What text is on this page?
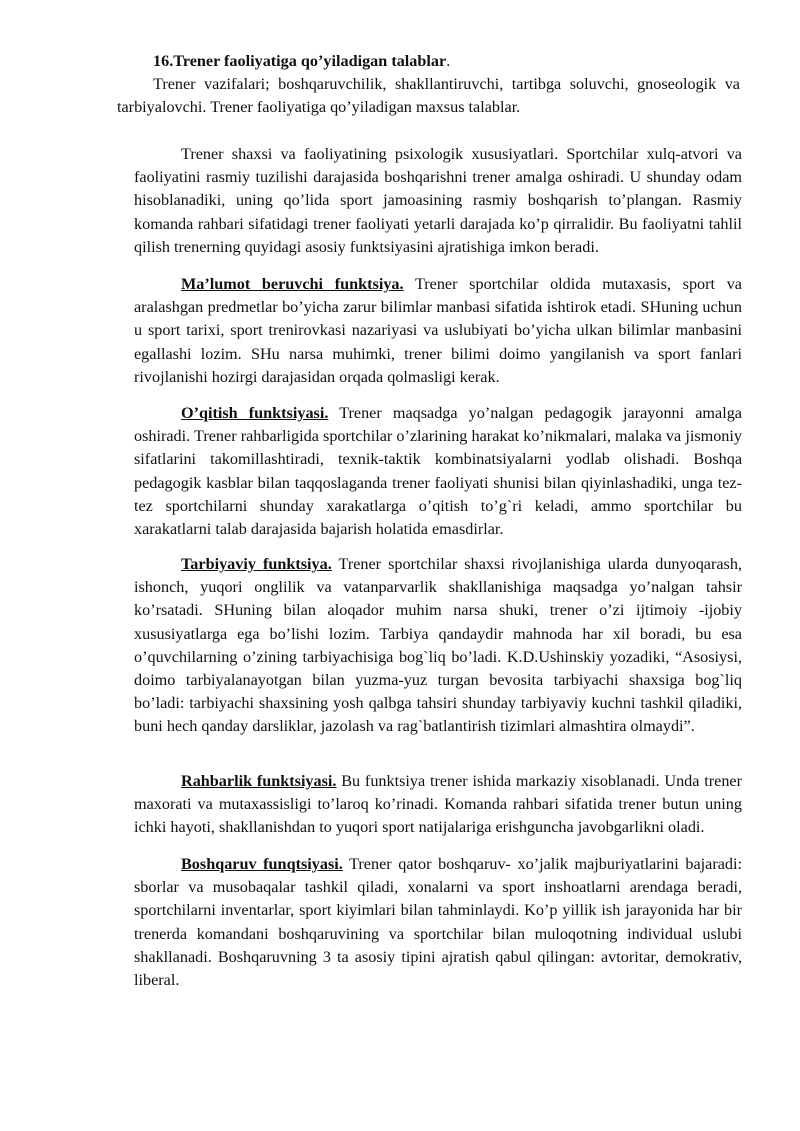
16.Trener faoliyatiga qo’yiladigan talablar.
Trener vazifalari; boshqaruvchilik, shakllantiruvchi, tartibga soluvchi, gnoseologik va tarbiyalovchi. Trener faoliyatiga qo’yiladigan maxsus talablar.
Trener shaxsi va faoliyatining psixologik xususiyatlari. Sportchilar xulq-atvori va faoliyatini rasmiy tuzilishi darajasida boshqarishni trener amalga oshiradi. U shunday odam hisoblanadiki, uning qo’lida sport jamoasining rasmiy boshqarish to’plangan. Rasmiy komanda rahbari sifatidagi trener faoliyati yetarli darajada ko’p qirralidir. Bu faoliyatni tahlil qilish trenerning quyidagi asosiy funktsiyasini ajratishiga imkon beradi.
Ma’lumot beruvchi funktsiya. Trener sportchilar oldida mutaxasis, sport va aralashgan predmetlar bo’yicha zarur bilimlar manbasi sifatida ishtirok etadi. SHuning uchun u sport tarixi, sport trenirovkasi nazariyasi va uslubiyati bo’yicha ulkan bilimlar manbasini egallashi lozim. SHu narsa muhimki, trener bilimi doimo yangilanish va sport fanlari rivojlanishi hozirgi darajasidan orqada qolmasligi kerak.
O’qitish funktsiyasi. Trener maqsadga yo’nalgan pedagogik jarayonni amalga oshiradi. Trener rahbarligida sportchilar o’zlarining harakat ko’nikmalari, malaka va jismoniy sifatlarini takomillashtiradi, texnik-taktik kombinatsiyalarni yodlab olishadi. Boshqa pedagogik kasblar bilan taqqoslaganda trener faoliyati shunisi bilan qiyinlashadiki, unga tez-tez sportchilarni shunday xarakatlarga o’qitish to’g`ri keladi, ammo sportchilar bu xarakatlarni talab darajasida bajarish holatida emasdirlar.
Tarbiyaviy funktsiya. Trener sportchilar shaxsi rivojlanishiga ularda dunyoqarash, ishonch, yuqori onglilik va vatanparvarlik shakllanishiga maqsadga yo’nalgan tahsir ko’rsatadi. SHuning bilan aloqador muhim narsa shuki, trener o’zi ijtimoiy -ijobiy xususiyatlarga ega bo’lishi lozim. Tarbiya qandaydir mahnoda har xil boradi, bu esa o’quvchilarning o’zining tarbiyachisiga bog`liq bo’ladi. K.D.Ushinskiy yozadiki, “Asosiysi, doimo tarbiyalanayotgan bilan yuzma-yuz turgan bevosita tarbiyachi shaxsiga bog`liq bo’ladi: tarbiyachi shaxsining yosh qalbga tahsiri shunday tarbiyaviy kuchni tashkil qiladiki, buni hech qanday darsliklar, jazolash va rag`batlantirish tizimlari almashtira olmaydi”.
Rahbarlik funktsiyasi. Bu funktsiya trener ishida markaziy xisoblanadi. Unda trener maxorati va mutaxassisligi to’laroq ko’rinadi. Komanda rahbari sifatida trener butun uning ichki hayoti, shakllanishdan to yuqori sport natijalariga erishguncha javobgarlikni oladi.
Boshqaruv funqtsiyasi. Trener qator boshqaruv- xo’jalik majburiyatlarini bajaradi: sborlar va musobaqalar tashkil qiladi, xonalarni va sport inshoatlarni arendaga beradi, sportchilarni inventarlar, sport kiyimlari bilan tahminlaydi. Ko’p yillik ish jarayonida har bir trenerda komandani boshqaruvining va sportchilar bilan muloqotning individual uslubi shakllanadi. Boshqaruvning 3 ta asosiy tipini ajratish qabul qilingan: avtoritar, demokrativ, liberal.
